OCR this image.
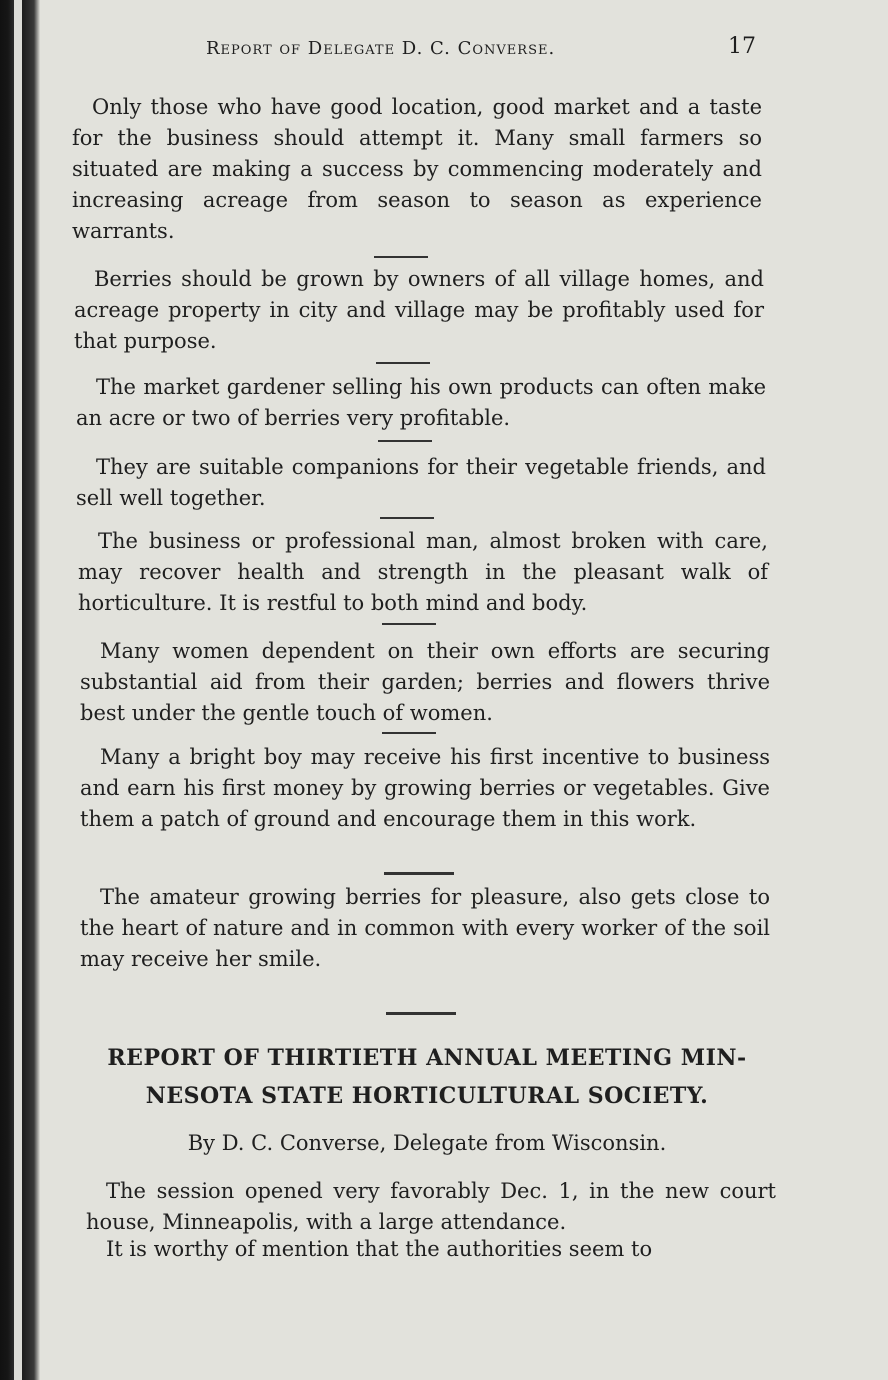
Report of Delegate D. C. Converse.	17

Only those who have good location, good market and a taste for the business should attempt it. Many small farmers so situated are making a success by commencing moderately and increasing acreage from season to season as experience warrants.

Berries should be grown by owners of all village homes, and acreage property in city and village may be profitably used for that purpose.

The market gardener selling his own products can often make an acre or two of berries very profitable.

They are suitable companions for their vegetable friends, and sell well together.

The business or professional man, almost broken with care, may recover health and strength in the pleasant walk of horticulture. It is restful to both mind and body.

Many women dependent on their own efforts are securing substantial aid from their garden; berries and flowers thrive best under the gentle touch of women.

Many a bright boy may receive his first incentive to business and earn his first money by growing berries or vegetables. Give them a patch of ground and encourage them in this work.

The amateur growing berries for pleasure, also gets close to the heart of nature and in common with every worker of the soil may receive her smile.

REPORT OF THIRTIETH ANNUAL MEETING MIN-
NESOTA STATE HORTICULTURAL SOCIETY.

By D. C. Converse, Delegate from Wisconsin.

The session opened very favorably Dec. 1, in the new court house, Minneapolis, with a large attendance.

It is worthy of mention that the authorities seem to
